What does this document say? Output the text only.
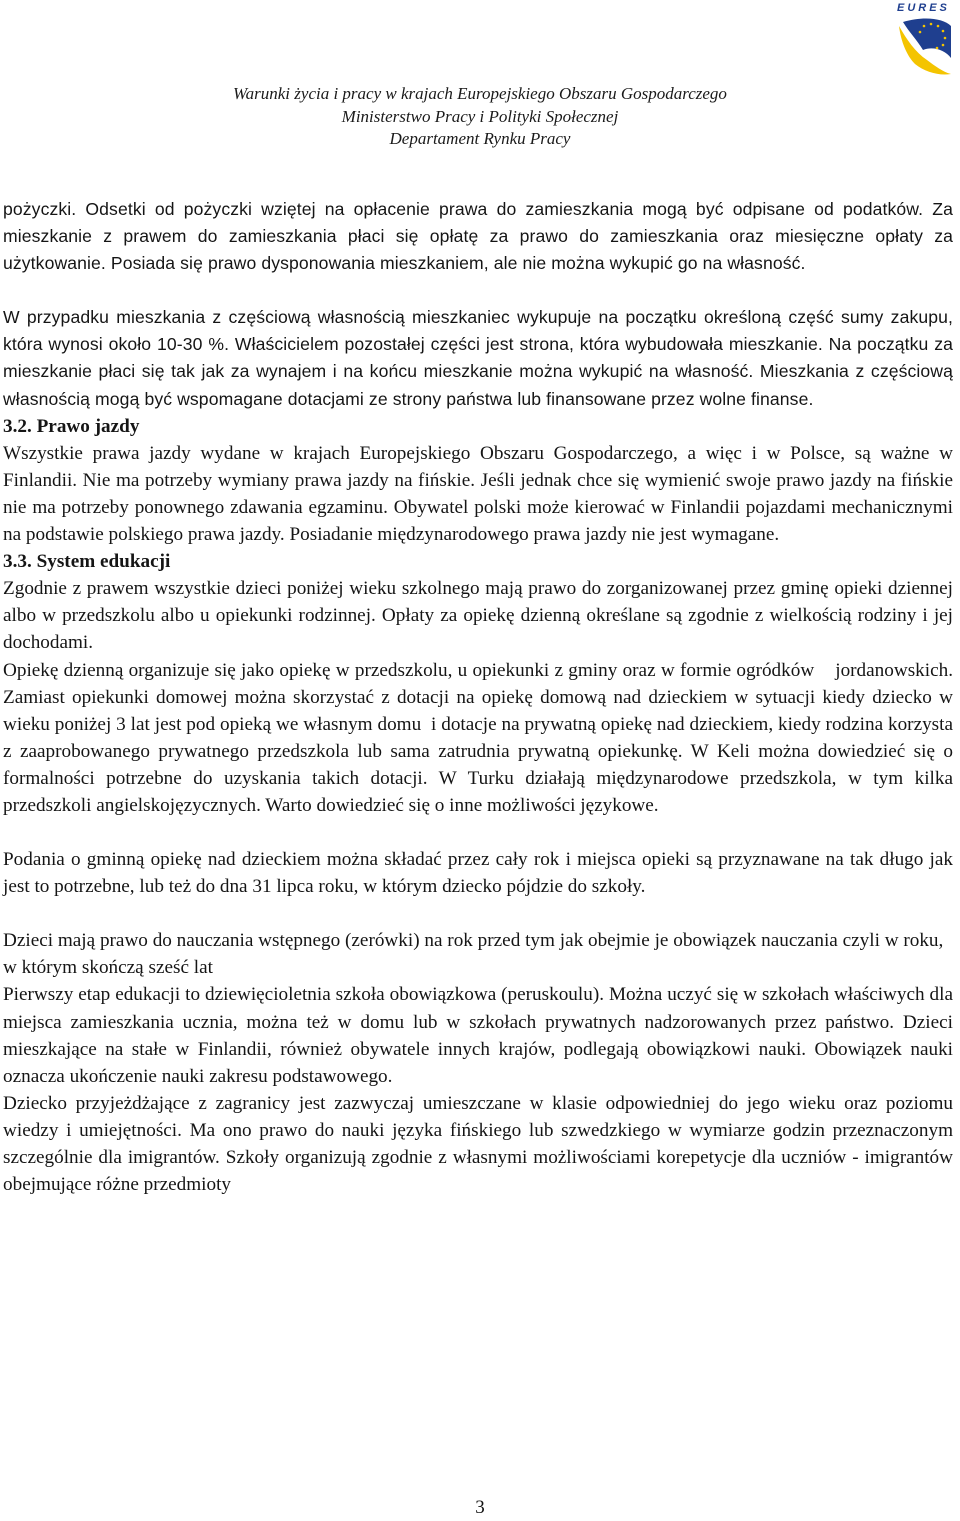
EURES
Warunki życia i pracy w krajach Europejskiego Obszaru Gospodarczego
Ministerstwo Pracy i Polityki Społecznej
Departament Rynku Pracy

pożyczki. Odsetki od pożyczki wziętej na opłacenie prawa do zamieszkania mogą być odpisane od podatków. Za mieszkanie z prawem do zamieszkania płaci się opłatę za prawo do zamieszkania oraz miesięczne opłaty za użytkowanie. Posiada się prawo dysponowania mieszkaniem, ale nie można wykupić go na własność.

W przypadku mieszkania z częściową własnością mieszkaniec wykupuje na początku określoną część sumy zakupu, która wynosi około 10-30 %. Właścicielem pozostałej części jest strona, która wybudowała mieszkanie. Na początku za mieszkanie płaci się tak jak za wynajem i na końcu mieszkanie można wykupić na własność. Mieszkania z częściową własnością mogą być wspomagane dotacjami ze strony państwa lub finansowane przez wolne finanse.

3.2. Prawo jazdy

Wszystkie prawa jazdy wydane w krajach Europejskiego Obszaru Gospodarczego, a więc i w Polsce, są ważne w Finlandii. Nie ma potrzeby wymiany prawa jazdy na fińskie. Jeśli jednak chce się wymienić swoje prawo jazdy na fińskie nie ma potrzeby ponownego zdawania egzaminu. Obywatel polski może kierować w Finlandii pojazdami mechanicznymi na podstawie polskiego prawa jazdy. Posiadanie międzynarodowego prawa jazdy nie jest wymagane.

3.3. System edukacji

Zgodnie z prawem wszystkie dzieci poniżej wieku szkolnego mają prawo do zorganizowanej przez gminę opieki dziennej albo w przedszkolu albo u opiekunki rodzinnej. Opłaty za opiekę dzienną określane są zgodnie z wielkością rodziny i jej dochodami.

Opiekę dzienną organizuje się jako opiekę w przedszkolu, u opiekunki z gminy oraz w formie ogródków    jordanowskich. Zamiast opiekunki domowej można skorzystać z dotacji na opiekę domową nad dzieckiem w sytuacji kiedy dziecko w wieku poniżej 3 lat jest pod opieką we własnym domu  i dotacje na prywatną opiekę nad dzieckiem, kiedy rodzina korzysta z zaaprobowanego prywatnego przedszkola lub sama zatrudnia prywatną opiekunkę. W Keli można dowiedzieć się o formalności potrzebne do uzyskania takich dotacji. W Turku działają międzynarodowe przedszkola, w tym kilka przedszkoli angielskojęzycznych. Warto dowiedzieć się o inne możliwości językowe.

Podania o gminną opiekę nad dzieckiem można składać przez cały rok i miejsca opieki są przyznawane na tak długo jak jest to potrzebne, lub też do dna 31 lipca roku, w którym dziecko pójdzie do szkoły.

Dzieci mają prawo do nauczania wstępnego (zerówki) na rok przed tym jak obejmie je obowiązek nauczania czyli w roku, w którym skończą sześć lat

Pierwszy etap edukacji to dziewięcioletnia szkoła obowiązkowa (peruskoulu). Można uczyć się w szkołach właściwych dla miejsca zamieszkania ucznia, można też w domu lub w szkołach prywatnych nadzorowanych przez państwo. Dzieci mieszkające na stałe w Finlandii, również obywatele innych krajów, podlegają obowiązkowi nauki. Obowiązek nauki oznacza ukończenie nauki zakresu podstawowego.

Dziecko przyjeżdżające z zagranicy jest zazwyczaj umieszczane w klasie odpowiedniej do jego wieku oraz poziomu wiedzy i umiejętności. Ma ono prawo do nauki języka fińskiego lub szwedzkiego w wymiarze godzin przeznaczonym szczególnie dla imigrantów. Szkoły organizują zgodnie z własnymi możliwościami korepetycje dla uczniów - imigrantów obejmujące różne przedmioty

3
